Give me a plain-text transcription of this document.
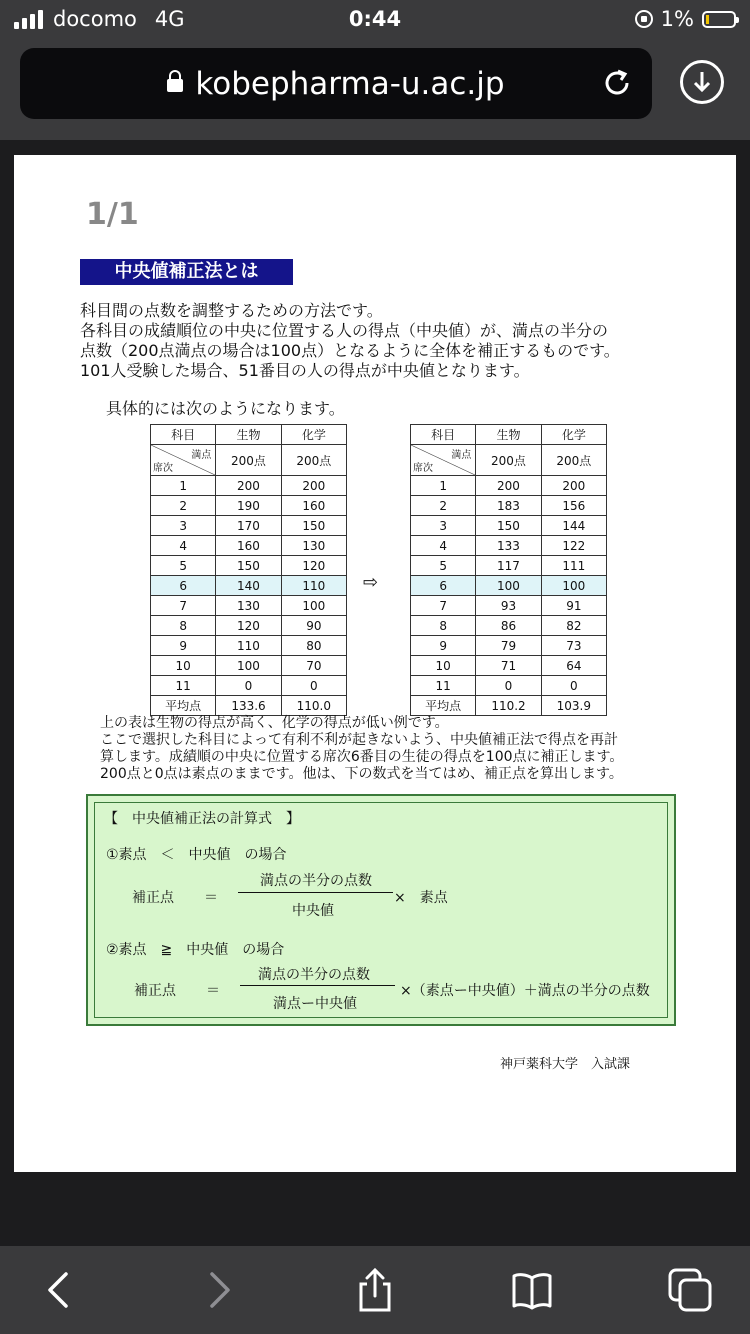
docomo 4G	0:44	1%
kobepharma-u.ac.jp
1/1
中央値補正法とは
科目間の点数を調整するための方法です。
各科目の成績順位の中央に位置する人の得点（中央値）が、満点の半分の
点数（200点満点の場合は100点）となるように全体を補正するものです。
101人受験した場合、51番目の人の得点が中央値となります。
具体的には次のようになります。
科目	生物	化学

満点
席次	200点	200点
1	200	200
2	190	160
3	170	150
4	160	130
5	150	120
6	140	110
7	130	100
8	120	90
9	110	80
10	100	70
11	0	0
平均点	133.6	110.0
⇨
科目	生物	化学

満点
席次	200点	200点
1	200	200
2	183	156
3	150	144
4	133	122
5	117	111
6	100	100
7	93	91
8	86	82
9	79	73
10	71	64
11	0	0
平均点	110.2	103.9
上の表は生物の得点が高く、化学の得点が低い例です。
ここで選択した科目によって有利不利が起きないよう、中央値補正法で得点を再計
算します。成績順の中央に位置する席次6番目の生徒の得点を100点に補正します。
200点と0点は素点のままです。他は、下の数式を当てはめ、補正点を算出します。
【　中央値補正法の計算式　】
①素点　＜　中央値　の場合
補正点 ＝
満点の半分の点数
中央値
×　素点
②素点　≧　中央値　の場合
補正点 ＝
満点の半分の点数
満点ー中央値
×（素点ー中央値）＋満点の半分の点数
神戸薬科大学　入試課
